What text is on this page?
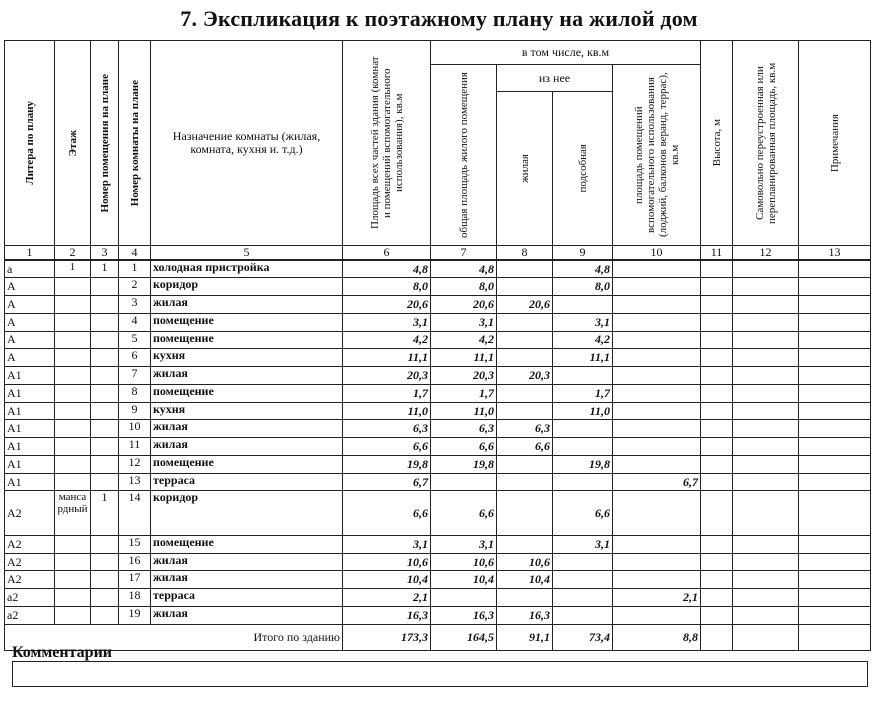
7. Экспликация к поэтажному плану на жилой дом
Литера по плану	Этаж	Номер помещения на плане	Номер комнаты на плане	Назначение комнаты (жилая, комната, кухня и. т.д.)	Площадь всех частей здания (комнат и помещений вспомогательного использования), кв.м	в том числе, кв.м				Высота, м	Самовольно переустроенная или перепланированная площадь, кв.м	Примечания

						общая площадь жилого помещения	из нее		площадь помещений вспомогательного использования (лоджий, балконов веранд, террас), кв.м			

							жилая	подсобная				

1	2	3	4	5	6	7	8	9	10	11	12	13
а	1	1	1	холодная пристройка	4,8	4,8		4,8				
А			2	коридор	8,0	8,0		8,0				
А			3	жилая	20,6	20,6	20,6					
А			4	помещение	3,1	3,1		3,1				
А			5	помещение	4,2	4,2		4,2				
А			6	кухня	11,1	11,1		11,1				
А1			7	жилая	20,3	20,3	20,3					
А1			8	помещение	1,7	1,7		1,7				
А1			9	кухня	11,0	11,0		11,0				
А1			10	жилая	6,3	6,3	6,3					
А1			11	жилая	6,6	6,6	6,6					
А1			12	помещение	19,8	19,8		19,8				
А1			13	терраса	6,7				6,7			
А2	мансардный	1	14	коридор	6,6	6,6		6,6				
А2			15	помещение	3,1	3,1		3,1				
А2			16	жилая	10,6	10,6	10,6					
А2			17	жилая	10,4	10,4	10,4					
а2			18	терраса	2,1				2,1			
а2			19	жилая	16,3	16,3	16,3					
Итого по зданию					173,3	164,5	91,1	73,4	8,8			
Комментарии
